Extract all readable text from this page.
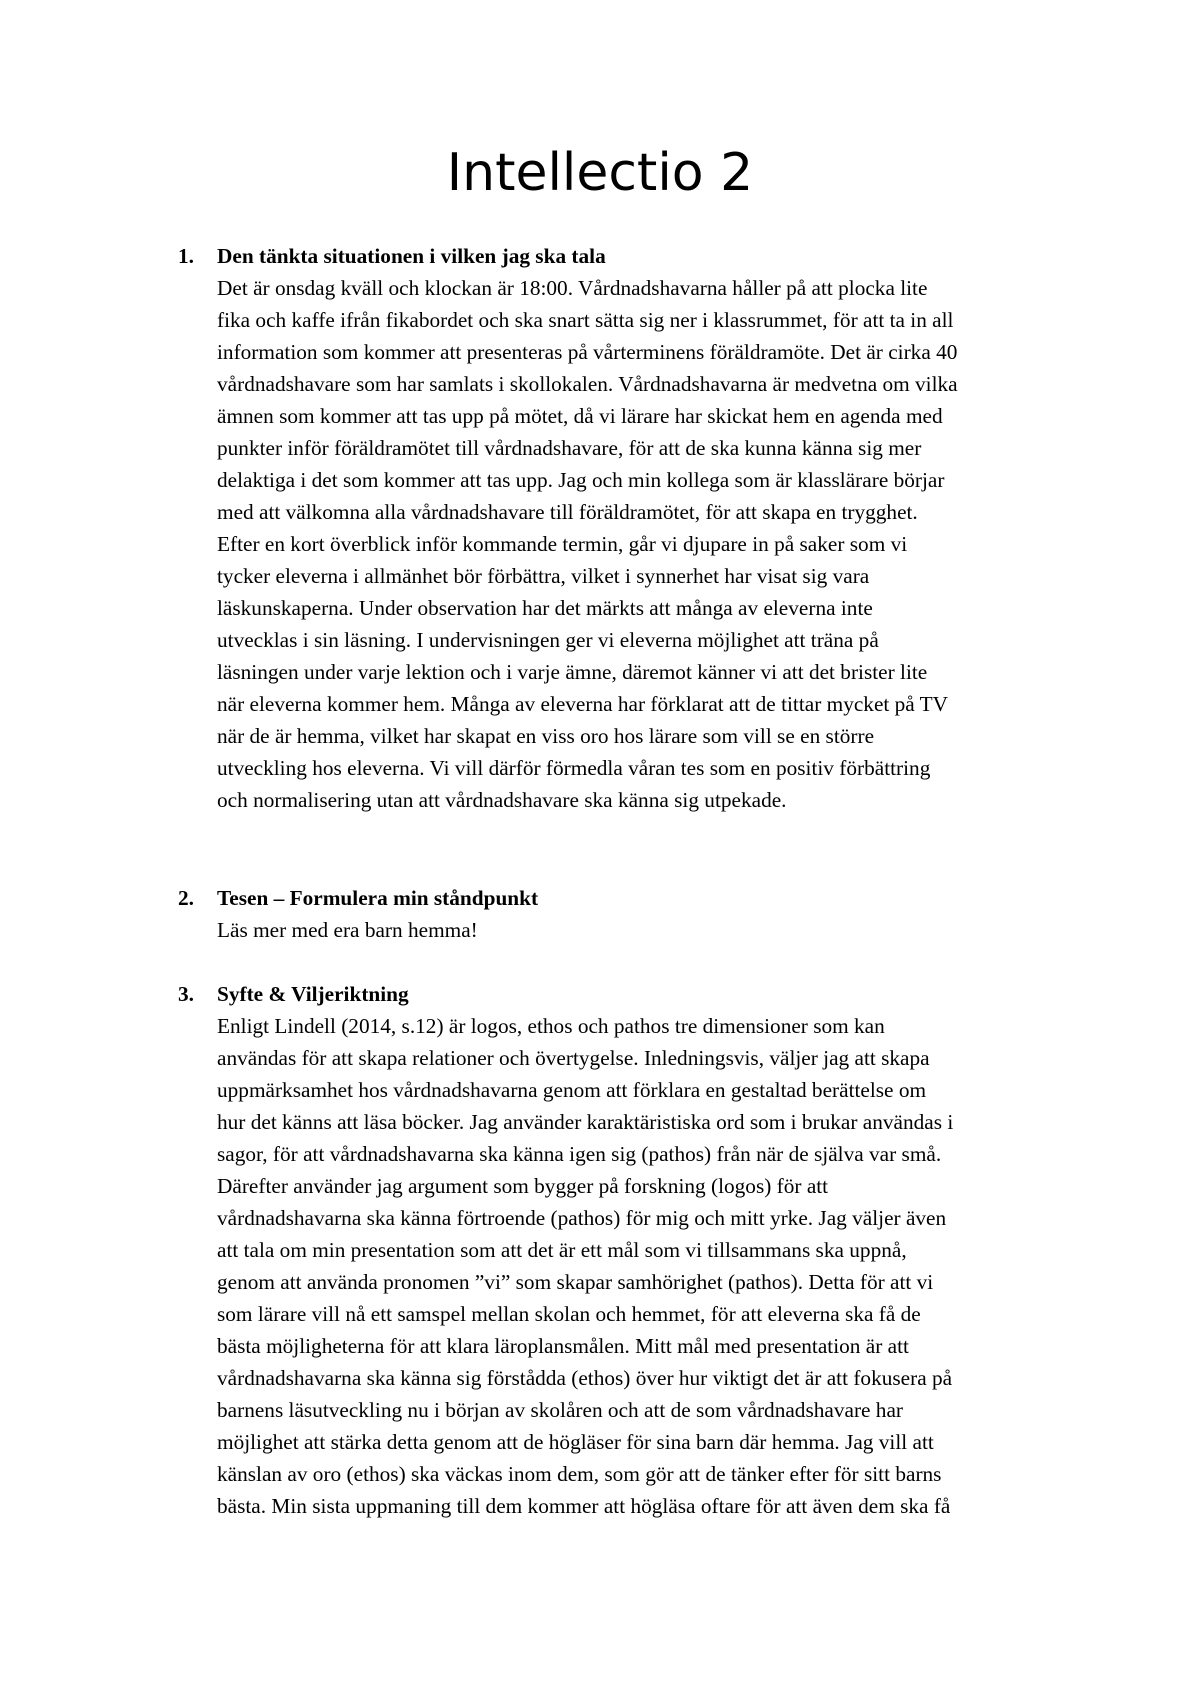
Intellectio 2
1. Den tänkta situationen i vilken jag ska tala
Det är onsdag kväll och klockan är 18:00. Vårdnadshavarna håller på att plocka lite
fika och kaffe ifrån fikabordet och ska snart sätta sig ner i klassrummet, för att ta in all
information som kommer att presenteras på vårterminens föräldramöte. Det är cirka 40
vårdnadshavare som har samlats i skollokalen. Vårdnadshavarna är medvetna om vilka
ämnen som kommer att tas upp på mötet, då vi lärare har skickat hem en agenda med
punkter inför föräldramötet till vårdnadshavare, för att de ska kunna känna sig mer
delaktiga i det som kommer att tas upp. Jag och min kollega som är klasslärare börjar
med att välkomna alla vårdnadshavare till föräldramötet, för att skapa en trygghet.
Efter en kort överblick inför kommande termin, går vi djupare in på saker som vi
tycker eleverna i allmänhet bör förbättra, vilket i synnerhet har visat sig vara
läskunskaperna. Under observation har det märkts att många av eleverna inte
utvecklas i sin läsning. I undervisningen ger vi eleverna möjlighet att träna på
läsningen under varje lektion och i varje ämne, däremot känner vi att det brister lite
när eleverna kommer hem. Många av eleverna har förklarat att de tittar mycket på TV
när de är hemma, vilket har skapat en viss oro hos lärare som vill se en större
utveckling hos eleverna. Vi vill därför förmedla våran tes som en positiv förbättring
och normalisering utan att vårdnadshavare ska känna sig utpekade.
2. Tesen – Formulera min ståndpunkt
Läs mer med era barn hemma!
3. Syfte & Viljeriktning
Enligt Lindell (2014, s.12) är logos, ethos och pathos tre dimensioner som kan
användas för att skapa relationer och övertygelse. Inledningsvis, väljer jag att skapa
uppmärksamhet hos vårdnadshavarna genom att förklara en gestaltad berättelse om
hur det känns att läsa böcker. Jag använder karaktäristiska ord som i brukar användas i
sagor, för att vårdnadshavarna ska känna igen sig (pathos) från när de själva var små.
Därefter använder jag argument som bygger på forskning (logos) för att
vårdnadshavarna ska känna förtroende (pathos) för mig och mitt yrke. Jag väljer även
att tala om min presentation som att det är ett mål som vi tillsammans ska uppnå,
genom att använda pronomen ”vi” som skapar samhörighet (pathos). Detta för att vi
som lärare vill nå ett samspel mellan skolan och hemmet, för att eleverna ska få de
bästa möjligheterna för att klara läroplansmålen. Mitt mål med presentation är att
vårdnadshavarna ska känna sig förstådda (ethos) över hur viktigt det är att fokusera på
barnens läsutveckling nu i början av skolåren och att de som vårdnadshavare har
möjlighet att stärka detta genom att de högläser för sina barn där hemma. Jag vill att
känslan av oro (ethos) ska väckas inom dem, som gör att de tänker efter för sitt barns
bästa. Min sista uppmaning till dem kommer att högläsa oftare för att även dem ska få
